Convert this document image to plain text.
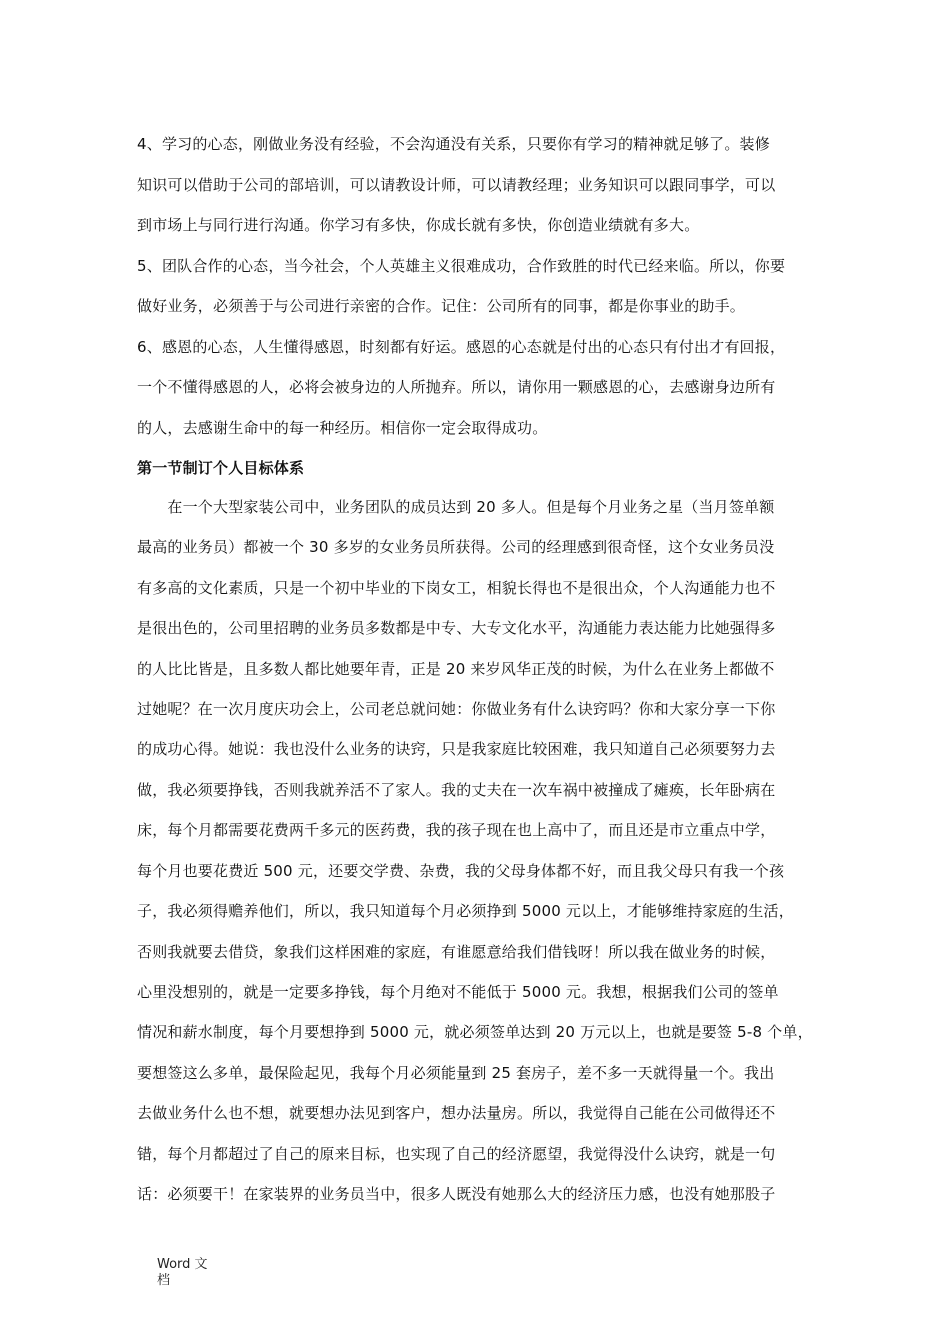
4、学习的心态，刚做业务没有经验，不会沟通没有关系，只要你有学习的精神就足够了。装修
知识可以借助于公司的部培训，可以请教设计师，可以请教经理；业务知识可以跟同事学，可以
到市场上与同行进行沟通。你学习有多快，你成长就有多快，你创造业绩就有多大。
5、团队合作的心态，当今社会，个人英雄主义很难成功，合作致胜的时代已经来临。所以，你要
做好业务，必须善于与公司进行亲密的合作。记住：公司所有的同事，都是你事业的助手。
6、感恩的心态，人生懂得感恩，时刻都有好运。感恩的心态就是付出的心态只有付出才有回报，
一个不懂得感恩的人，必将会被身边的人所抛弃。所以，请你用一颗感恩的心，去感谢身边所有
的人，去感谢生命中的每一种经历。相信你一定会取得成功。
第一节制订个人目标体系
　　在一个大型家装公司中，业务团队的成员达到 20 多人。但是每个月业务之星（当月签单额
最高的业务员）都被一个 30 多岁的女业务员所获得。公司的经理感到很奇怪，这个女业务员没
有多高的文化素质，只是一个初中毕业的下岗女工，相貌长得也不是很出众，个人沟通能力也不
是很出色的，公司里招聘的业务员多数都是中专、大专文化水平，沟通能力表达能力比她强得多
的人比比皆是，且多数人都比她要年青，正是 20 来岁风华正茂的时候，为什么在业务上都做不
过她呢？在一次月度庆功会上，公司老总就问她：你做业务有什么诀窍吗？你和大家分享一下你
的成功心得。她说：我也没什么业务的诀窍，只是我家庭比较困难，我只知道自己必须要努力去
做，我必须要挣钱，否则我就养活不了家人。我的丈夫在一次车祸中被撞成了瘫痪，长年卧病在
床，每个月都需要花费两千多元的医药费，我的孩子现在也上高中了，而且还是市立重点中学，
每个月也要花费近 500 元，还要交学费、杂费，我的父母身体都不好，而且我父母只有我一个孩
子，我必须得赡养他们，所以，我只知道每个月必须挣到 5000 元以上，才能够维持家庭的生活，
否则我就要去借贷，象我们这样困难的家庭，有谁愿意给我们借钱呀！所以我在做业务的时候，
心里没想别的，就是一定要多挣钱，每个月绝对不能低于 5000 元。我想，根据我们公司的签单
情况和薪水制度，每个月要想挣到 5000 元，就必须签单达到 20 万元以上，也就是要签 5-8 个单，
要想签这么多单，最保险起见，我每个月必须能量到 25 套房子，差不多一天就得量一个。我出
去做业务什么也不想，就要想办法见到客户，想办法量房。所以，我觉得自己能在公司做得还不
错，每个月都超过了自己的原来目标，也实现了自己的经济愿望，我觉得没什么诀窍，就是一句
话：必须要干！在家装界的业务员当中，很多人既没有她那么大的经济压力感，也没有她那股子
Word 文
档
